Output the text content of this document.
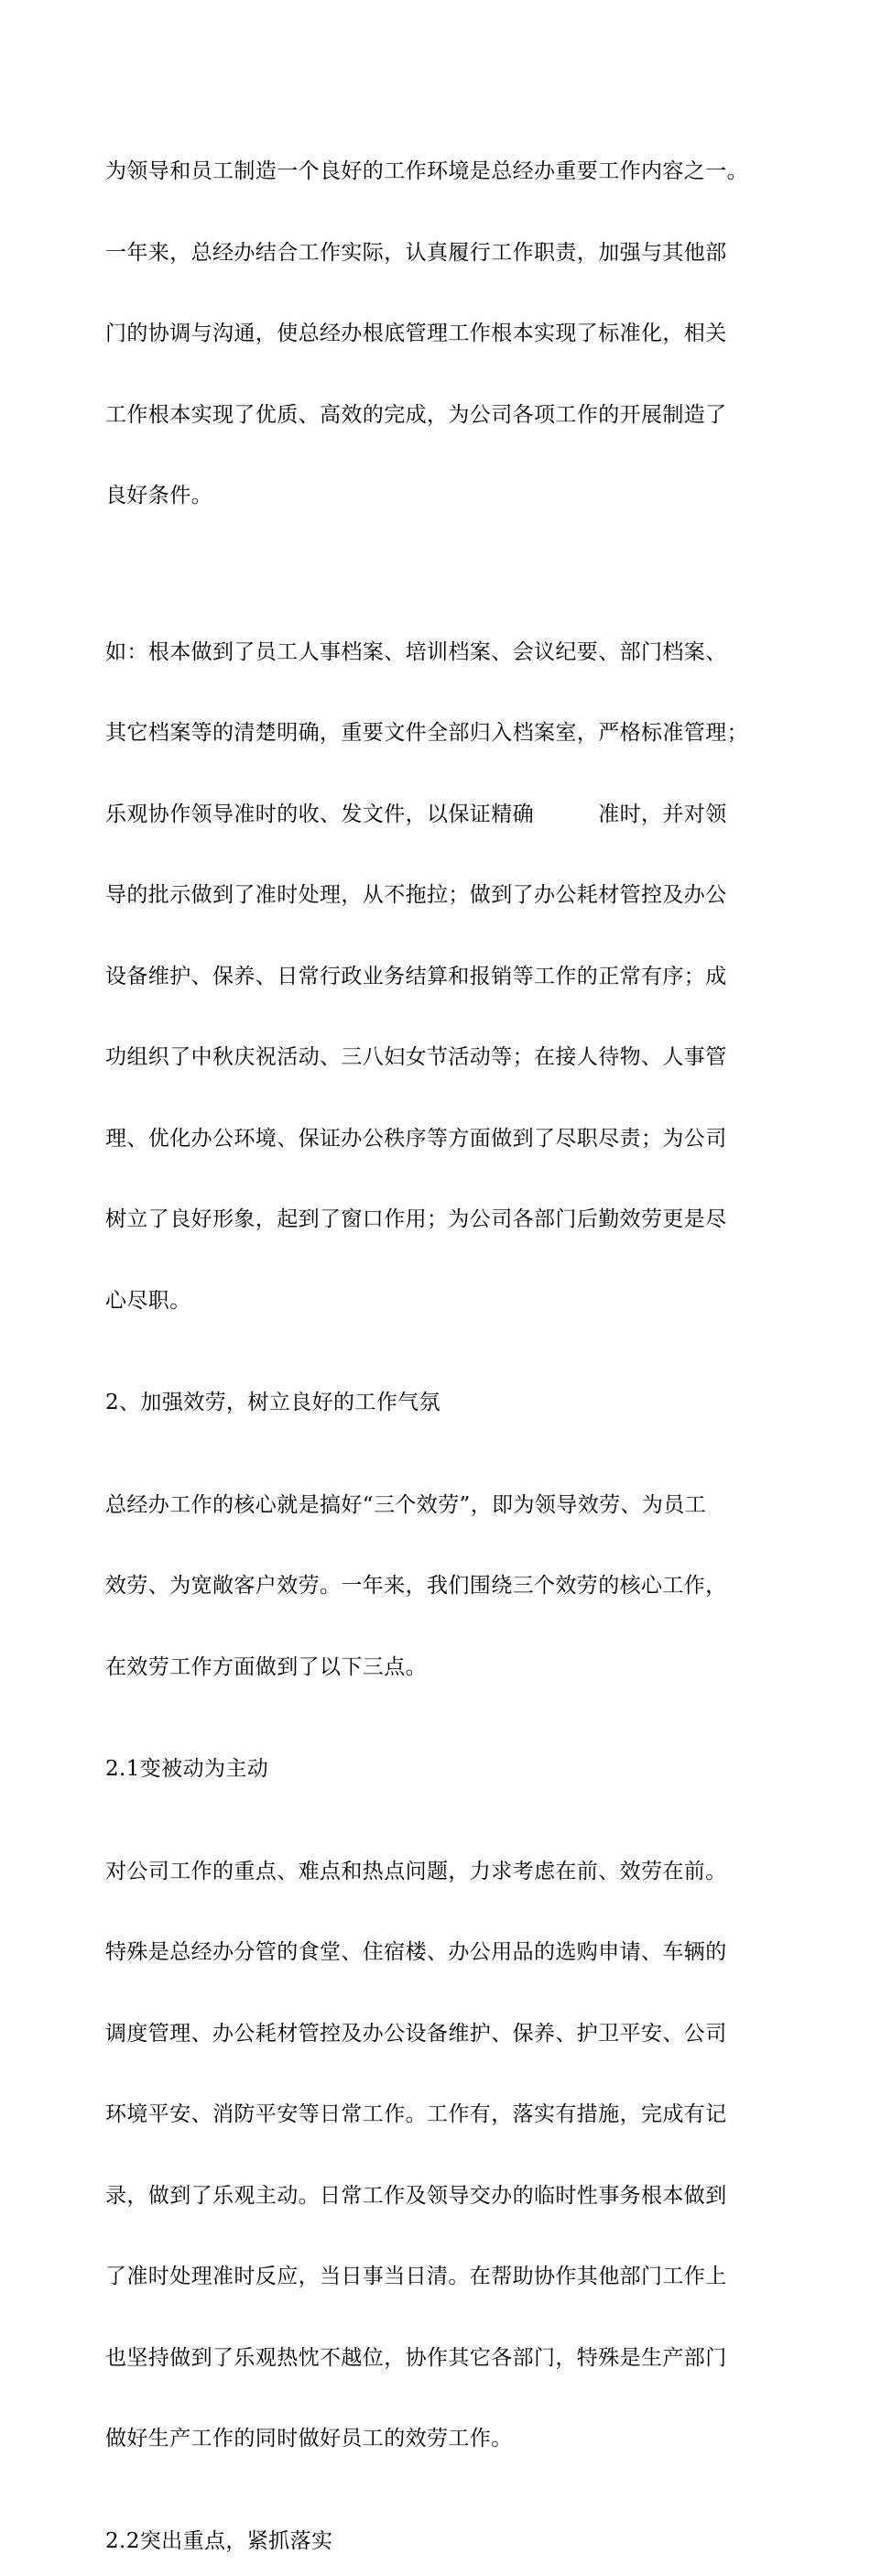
为领导和员工制造一个良好的工作环境是总经办重要工作内容之一。

一年来，总经办结合工作实际，认真履行工作职责，加强与其他部

门的协调与沟通，使总经办根底管理工作根本实现了标准化，相关

工作根本实现了优质、高效的完成，为公司各项工作的开展制造了

良好条件。

如：根本做到了员工人事档案、培训档案、会议纪要、部门档案、

其它档案等的清楚明确，重要文件全部归入档案室，严格标准管理；

乐观协作领导准时的收、发文件，以保证精确　　　准时，并对领

导的批示做到了准时处理，从不拖拉；做到了办公耗材管控及办公

设备维护、保养、日常行政业务结算和报销等工作的正常有序；成

功组织了中秋庆祝活动、三八妇女节活动等；在接人待物、人事管

理、优化办公环境、保证办公秩序等方面做到了尽职尽责；为公司

树立了良好形象，起到了窗口作用；为公司各部门后勤效劳更是尽

心尽职。

2、加强效劳，树立良好的工作气氛

总经办工作的核心就是搞好“三个效劳”，即为领导效劳、为员工

效劳、为宽敞客户效劳。一年来，我们围绕三个效劳的核心工作，

在效劳工作方面做到了以下三点。

2.1变被动为主动

对公司工作的重点、难点和热点问题，力求考虑在前、效劳在前。

特殊是总经办分管的食堂、住宿楼、办公用品的选购申请、车辆的

调度管理、办公耗材管控及办公设备维护、保养、护卫平安、公司

环境平安、消防平安等日常工作。工作有，落实有措施，完成有记

录，做到了乐观主动。日常工作及领导交办的临时性事务根本做到

了准时处理准时反应，当日事当日清。在帮助协作其他部门工作上

也坚持做到了乐观热忱不越位，协作其它各部门，特殊是生产部门

做好生产工作的同时做好员工的效劳工作。

2.2突出重点，紧抓落实
